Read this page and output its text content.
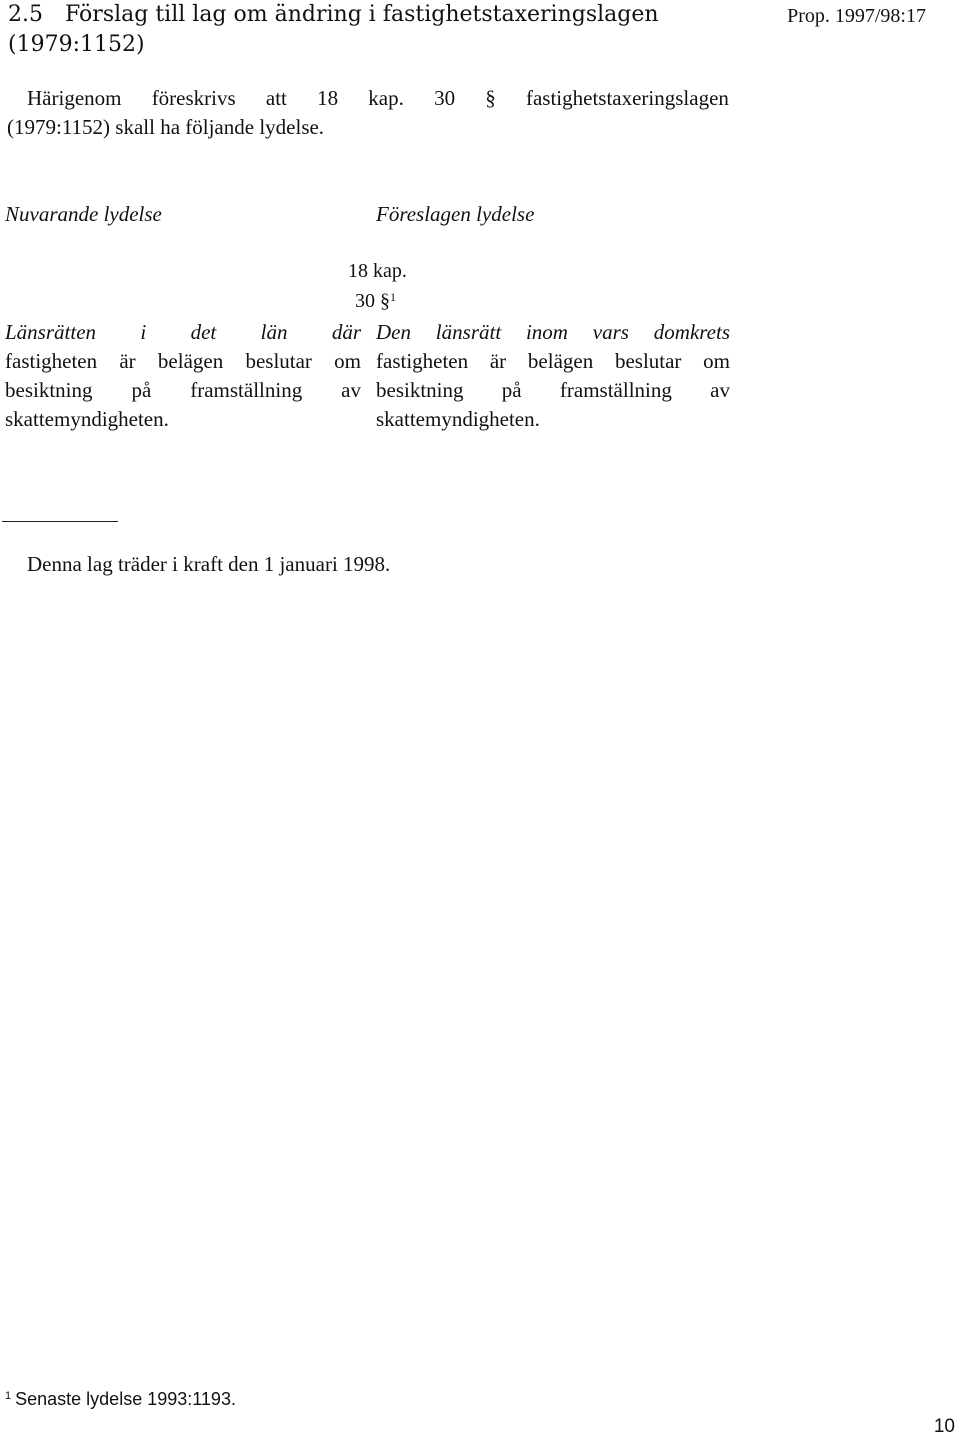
2.5 Förslag till lag om ändring i fastighetstaxeringslagen (1979:1152)
Prop. 1997/98:17
Härigenom föreskrivs att 18 kap. 30 § fastighetstaxeringslagen
(1979:1152) skall ha följande lydelse.
Nuvarande lydelse	Föreslagen lydelse
18 kap.
30 §$^1$
Länsrätten i det län där
fastigheten är belägen beslutar om
besiktning på framställning av
skattemyndigheten.
Den länsrätt inom vars domkrets
fastigheten är belägen beslutar om
besiktning på framställning av
skattemyndigheten.
Denna lag träder i kraft den 1 januari 1998.
$^1$ Senaste lydelse 1993:1193.
10
